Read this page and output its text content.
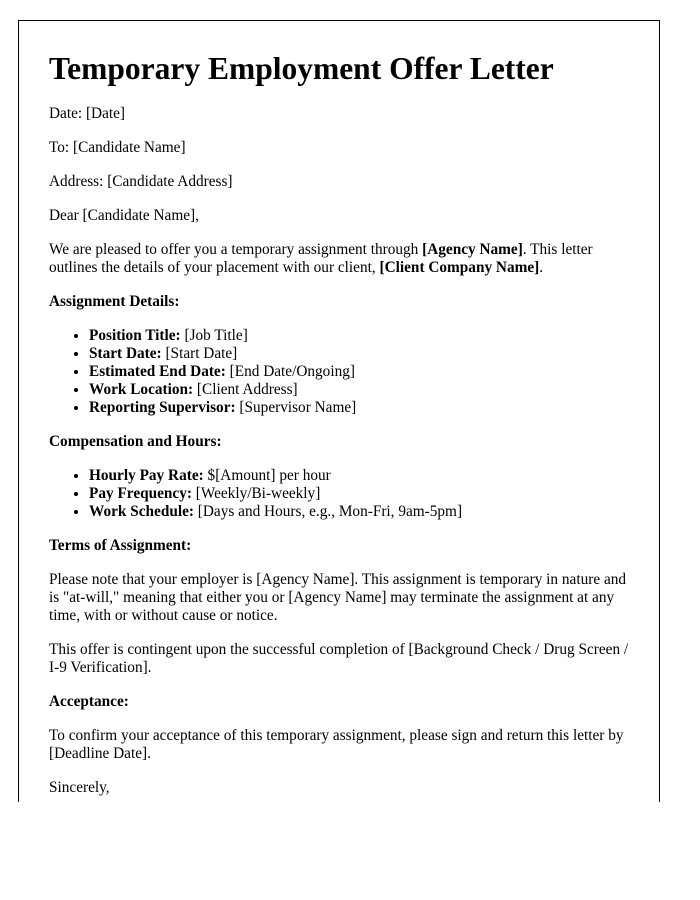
Temporary Employment Offer Letter

Date: [Date]

To: [Candidate Name]

Address: [Candidate Address]

Dear [Candidate Name],

We are pleased to offer you a temporary assignment through [Agency Name]. This letter outlines the details of your placement with our client, [Client Company Name].

Assignment Details:

• Position Title: [Job Title]
• Start Date: [Start Date]
• Estimated End Date: [End Date/Ongoing]
• Work Location: [Client Address]
• Reporting Supervisor: [Supervisor Name]

Compensation and Hours:

• Hourly Pay Rate: $[Amount] per hour
• Pay Frequency: [Weekly/Bi-weekly]
• Work Schedule: [Days and Hours, e.g., Mon-Fri, 9am-5pm]

Terms of Assignment:

Please note that your employer is [Agency Name]. This assignment is temporary in nature and is "at-will," meaning that either you or [Agency Name] may terminate the assignment at any time, with or without cause or notice.

This offer is contingent upon the successful completion of [Background Check / Drug Screen / I-9 Verification].

Acceptance:

To confirm your acceptance of this temporary assignment, please sign and return this letter by [Deadline Date].

Sincerely,
